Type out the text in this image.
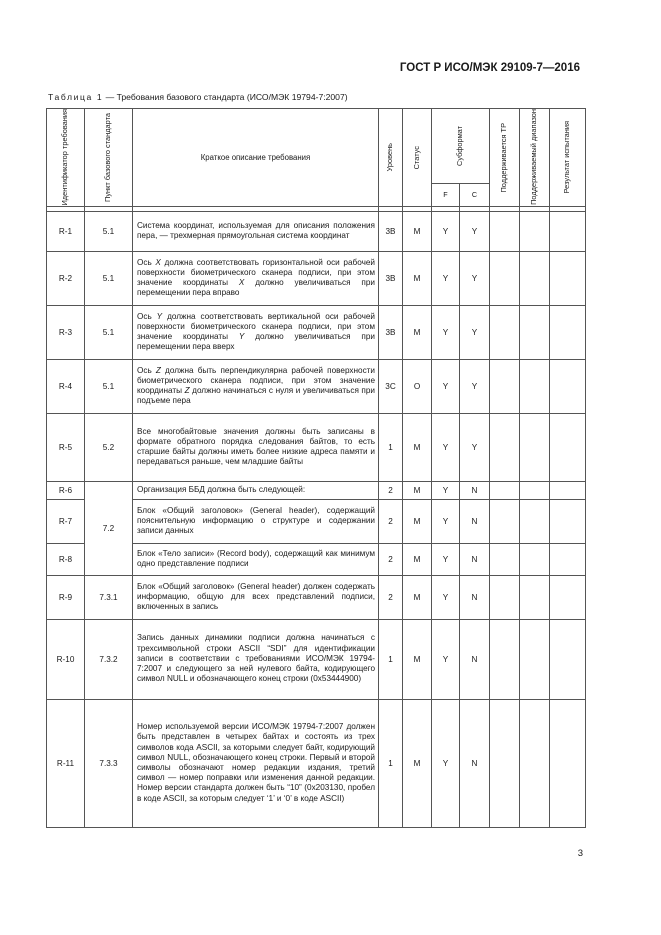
ГОСТ Р ИСО/МЭК 29109-7—2016
Таблица 1 — Требования базового стандарта (ИСО/МЭК 19794-7:2007)
Идентификатор требования	Пункт базового стандарта	Краткое описание требования	Уровень	Статус	Субформат		Поддерживается ТР	Поддерживаемый диапазон	Результат испытания

					F	C			

R-1	5.1	Система координат, используемая для описания положения пера, — трехмерная прямоугольная система координат	3B	M	Y	Y			
R-2	5.1	Ось X должна соответствовать горизонтальной оси рабочей поверхности биометрического сканера подписи, при этом значение координаты X должно увеличиваться при перемещении пера вправо	3B	M	Y	Y			
R-3	5.1	Ось Y должна соответствовать вертикальной оси рабочей поверхности биометрического сканера подписи, при этом значение координаты Y должно увеличиваться при перемещении пера вверх	3B	M	Y	Y			
R-4	5.1	Ось Z должна быть перпендикулярна рабочей поверхности биометрического сканера подписи, при этом значение координаты Z должно начинаться с нуля и увеличиваться при подъеме пера	3C	O	Y	Y			
R-5	5.2	Все многобайтовые значения должны быть записаны в формате обратного порядка следования байтов, то есть старшие байты должны иметь более низкие адреса памяти и передаваться раньше, чем младшие байты	1	M	Y	Y			
R-6	7.2	Организация ББД должна быть следующей:	2	M	Y	N			
R-7		Блок «Общий заголовок» (General header), содержащий пояснительную информацию о структуре и содержании записи данных	2	M	Y	N			
R-8		Блок «Тело записи» (Record body), содержащий как минимум одно представление подписи	2	M	Y	N			
R-9	7.3.1	Блок «Общий заголовок» (General header) должен содержать информацию, общую для всех представлений подписи, включенных в запись	2	M	Y	N			
R-10	7.3.2	Запись данных динамики подписи должна начинаться с трехсимвольной строки ASCII “SDI” для идентификации записи в соответствии с требованиями ИСО/МЭК 19794-7:2007 и следующего за ней нулевого байта, кодирующего символ NULL и обозначающего конец строки (0x53444900)	1	M	Y	N			
R-11	7.3.3	Номер используемой версии ИСО/МЭК 19794-7:2007 должен быть представлен в четырех байтах и состоять из трех символов кода ASCII, за которыми следует байт, кодирующий символ NULL, обозначающего конец строки. Первый и второй символы обозначают номер редакции издания, третий символ — номер поправки или изменения данной редакции. Номер версии стандарта должен быть “10” (0x203130, пробел в коде ASCII, за которым следует ‘1’ и ‘0’ в коде ASCII)	1	M	Y	N			
3
